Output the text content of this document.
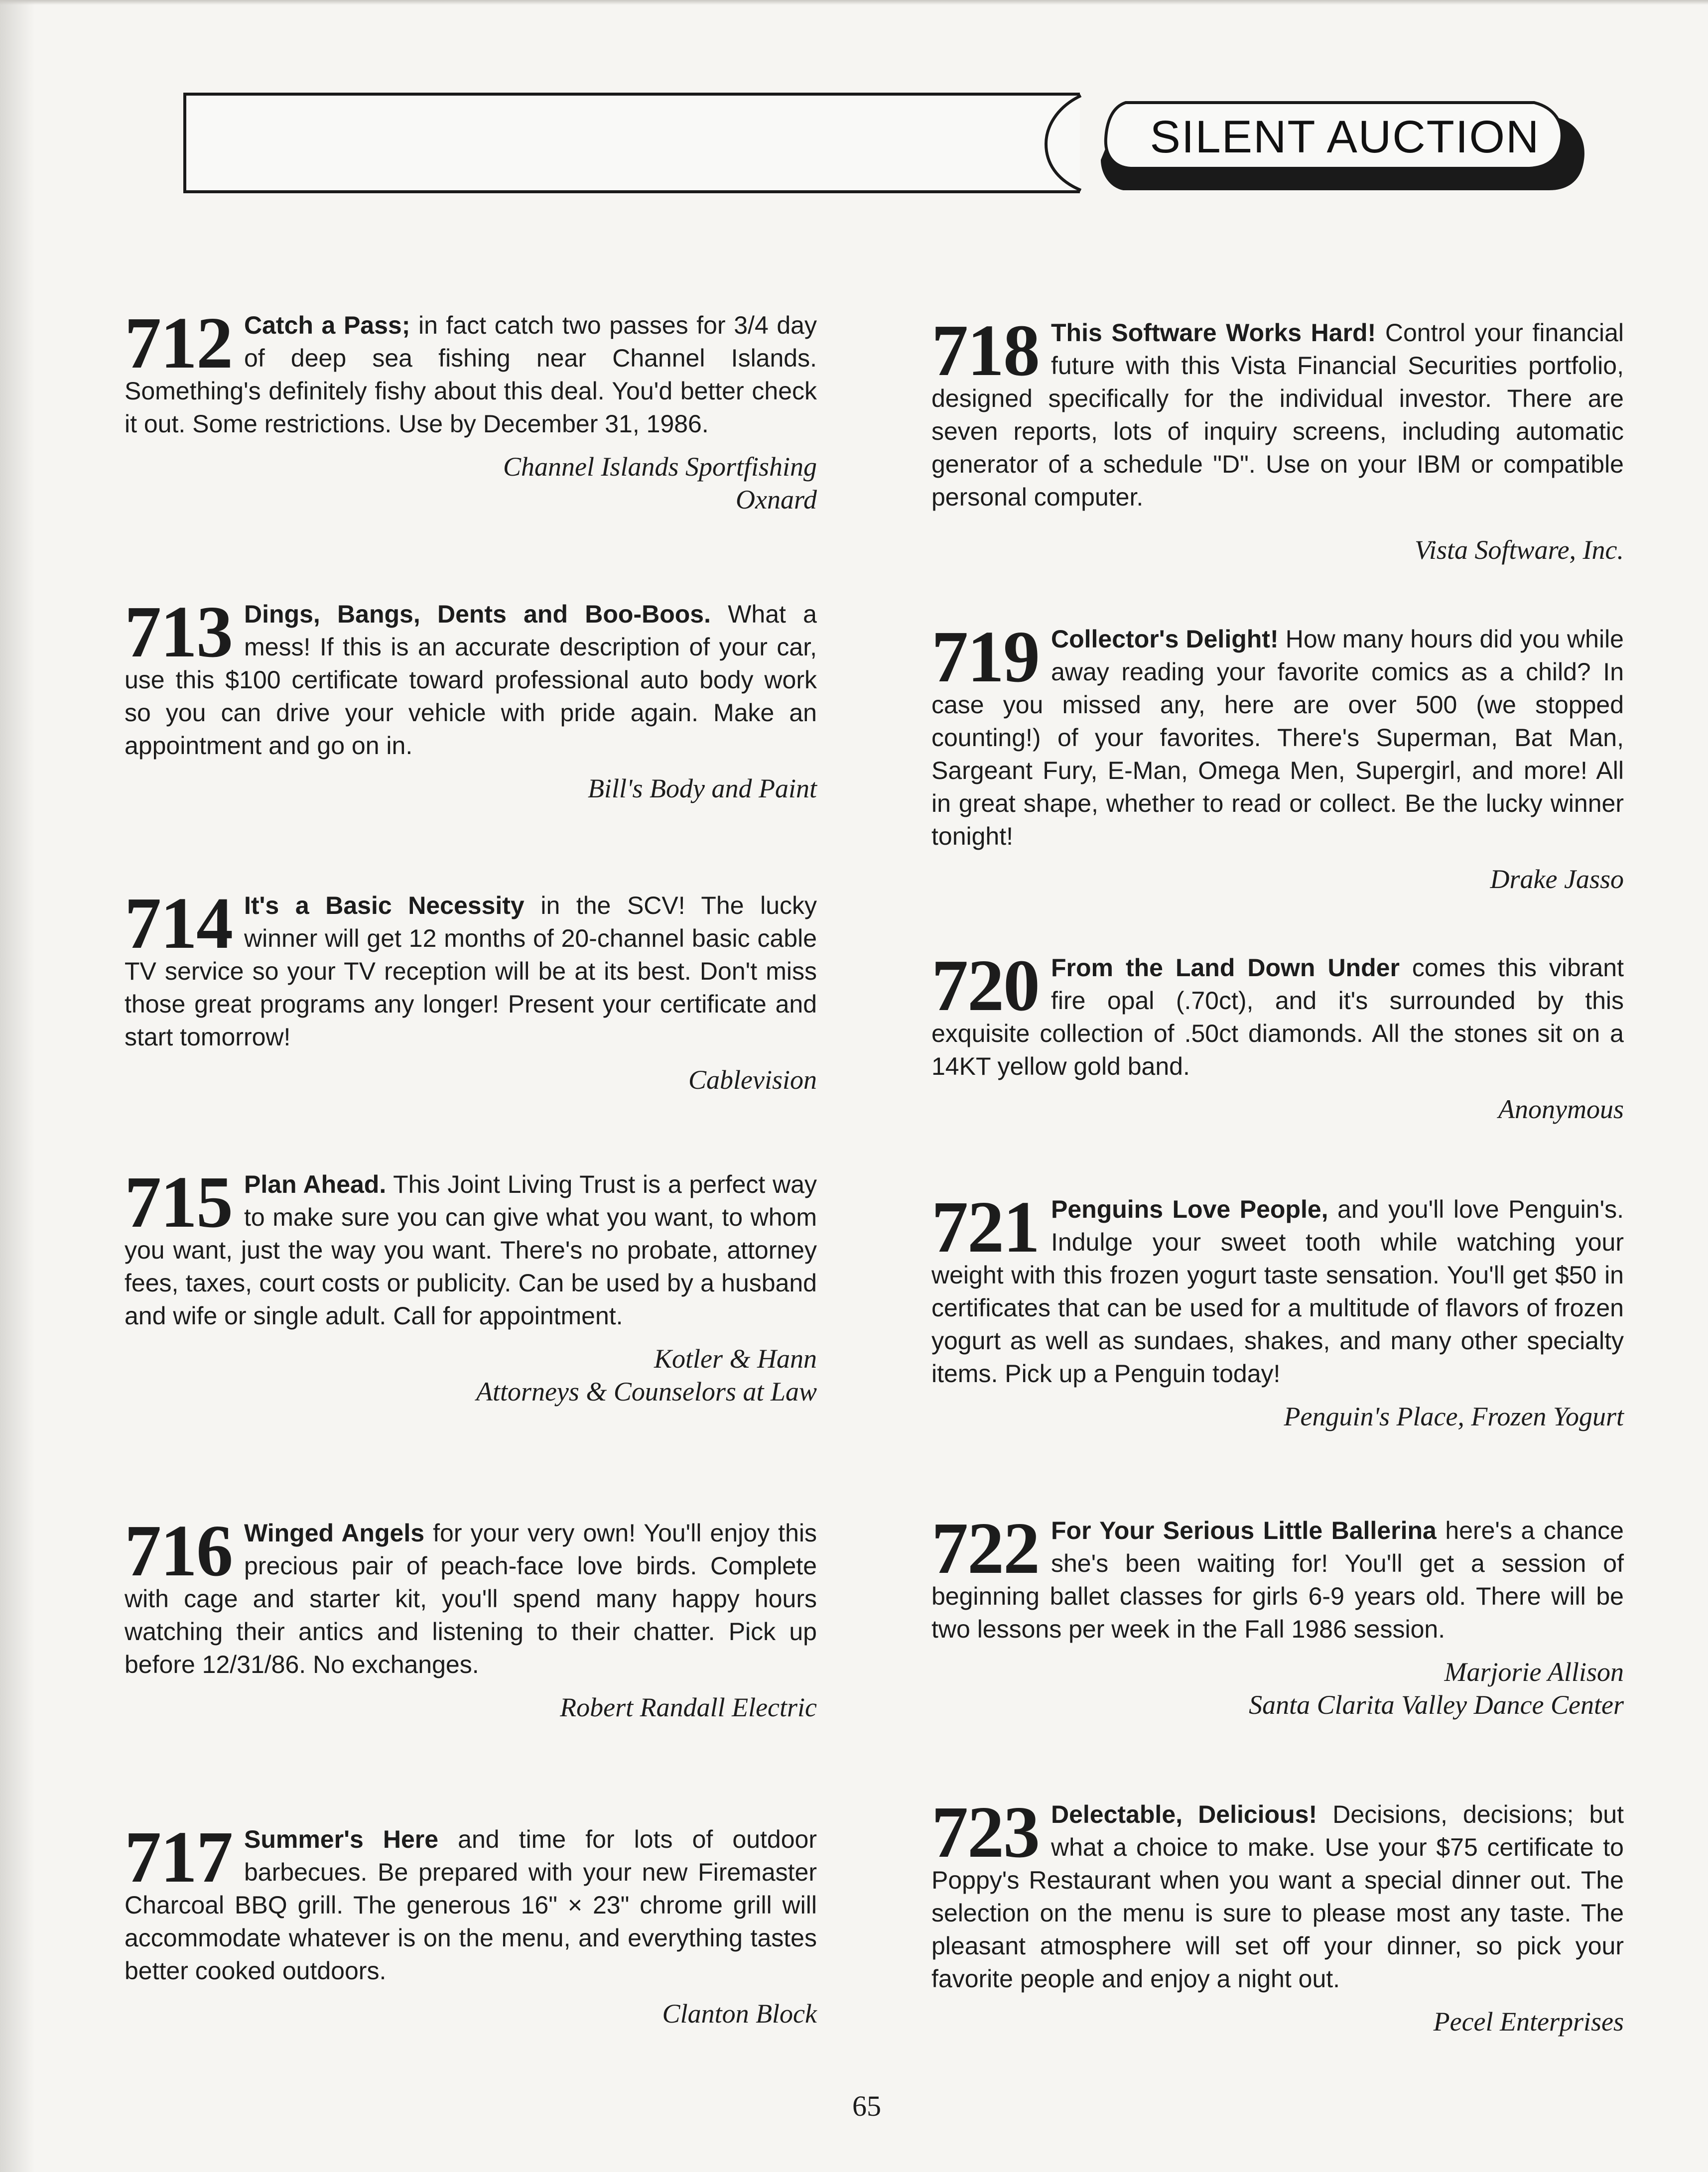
SILENT AUCTION
712 Catch a Pass; in fact catch two passes for 3/4 day of deep sea fishing near Channel Islands. Something's definitely fishy about this deal. You'd better check it out. Some restrictions. Use by December 31, 1986.
Channel Islands Sportfishing
Oxnard
713 Dings, Bangs, Dents and Boo-Boos. What a mess! If this is an accurate description of your car, use this $100 certificate toward professional auto body work so you can drive your vehicle with pride again. Make an appointment and go on in.
Bill's Body and Paint
714 It's a Basic Necessity in the SCV! The lucky winner will get 12 months of 20-channel basic cable TV service so your TV reception will be at its best. Don't miss those great programs any longer! Present your certificate and start tomorrow!
Cablevision
715 Plan Ahead. This Joint Living Trust is a perfect way to make sure you can give what you want, to whom you want, just the way you want. There's no probate, attorney fees, taxes, court costs or publicity. Can be used by a husband and wife or single adult. Call for appointment.
Kotler & Hann
Attorneys & Counselors at Law
716 Winged Angels for your very own! You'll enjoy this precious pair of peach-face love birds. Complete with cage and starter kit, you'll spend many happy hours watching their antics and listening to their chatter. Pick up before 12/31/86. No exchanges.
Robert Randall Electric
717 Summer's Here and time for lots of outdoor barbecues. Be prepared with your new Firemaster Charcoal BBQ grill. The generous 16" × 23" chrome grill will accommodate whatever is on the menu, and everything tastes better cooked outdoors.
Clanton Block
718 This Software Works Hard! Control your financial future with this Vista Financial Securities portfolio, designed specifically for the individual investor. There are seven reports, lots of inquiry screens, including automatic generator of a schedule "D". Use on your IBM or compatible personal computer.
Vista Software, Inc.
719 Collector's Delight! How many hours did you while away reading your favorite comics as a child? In case you missed any, here are over 500 (we stopped counting!) of your favorites. There's Superman, Bat Man, Sargeant Fury, E-Man, Omega Men, Supergirl, and more! All in great shape, whether to read or collect. Be the lucky winner tonight!
Drake Jasso
720 From the Land Down Under comes this vibrant fire opal (.70ct), and it's surrounded by this exquisite collection of .50ct diamonds. All the stones sit on a 14KT yellow gold band.
Anonymous
721 Penguins Love People, and you'll love Penguin's. Indulge your sweet tooth while watching your weight with this frozen yogurt taste sensation. You'll get $50 in certificates that can be used for a multitude of flavors of frozen yogurt as well as sundaes, shakes, and many other specialty items. Pick up a Penguin today!
Penguin's Place, Frozen Yogurt
722 For Your Serious Little Ballerina here's a chance she's been waiting for! You'll get a session of beginning ballet classes for girls 6-9 years old. There will be two lessons per week in the Fall 1986 session.
Marjorie Allison
Santa Clarita Valley Dance Center
723 Delectable, Delicious! Decisions, decisions; but what a choice to make. Use your $75 certificate to Poppy's Restaurant when you want a special dinner out. The selection on the menu is sure to please most any taste. The pleasant atmosphere will set off your dinner, so pick your favorite people and enjoy a night out.
Pecel Enterprises
65
